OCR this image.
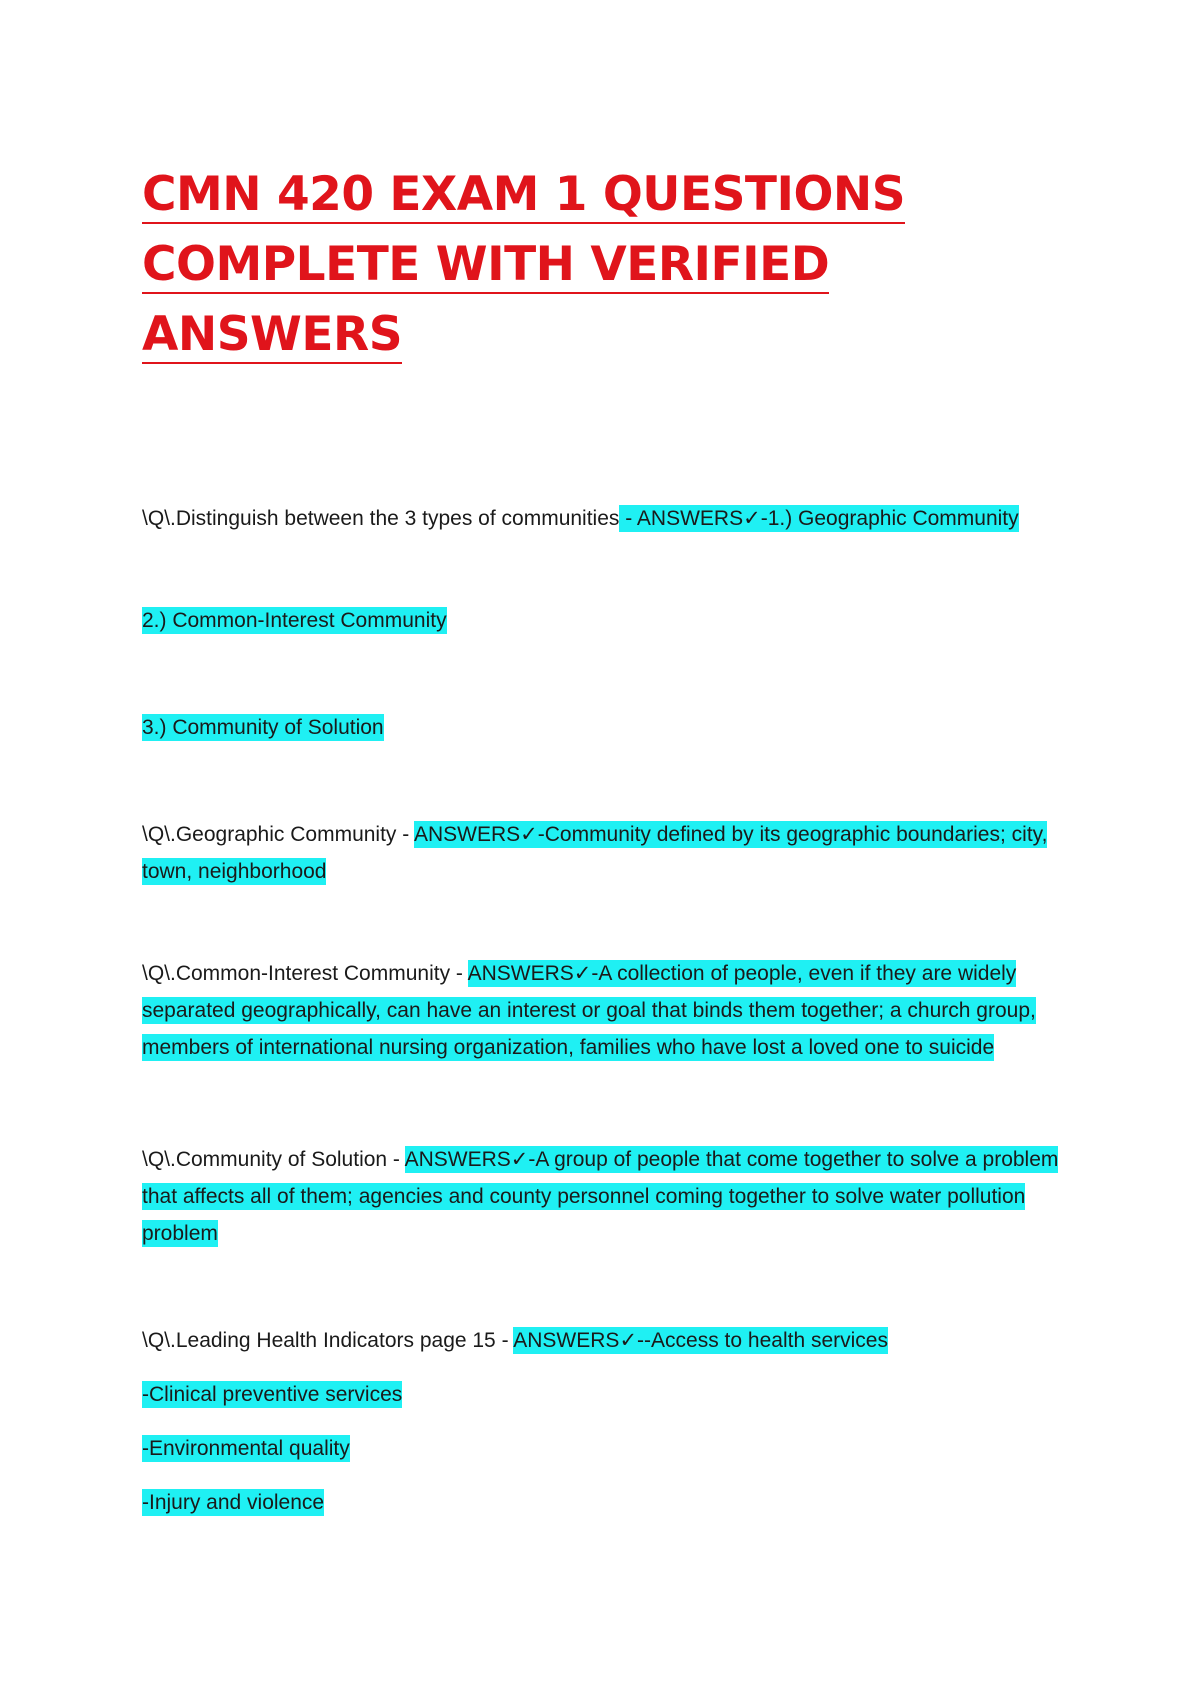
CMN 420 EXAM 1 QUESTIONS
COMPLETE WITH VERIFIED ANSWERS

\Q\.Distinguish between the 3 types of communities - ANSWERS✓-1.) Geographic Community

2.) Common-Interest Community

3.) Community of Solution

\Q\.Geographic Community - ANSWERS✓-Community defined by its geographic boundaries; city, town, neighborhood

\Q\.Common-Interest Community - ANSWERS✓-A collection of people, even if they are widely separated geographically, can have an interest or goal that binds them together; a church group, members of international nursing organization, families who have lost a loved one to suicide

\Q\.Community of Solution - ANSWERS✓-A group of people that come together to solve a problem that affects all of them; agencies and county personnel coming together to solve water pollution problem

\Q\.Leading Health Indicators page 15 - ANSWERS✓--Access to health services

-Clinical preventive services

-Environmental quality

-Injury and violence
